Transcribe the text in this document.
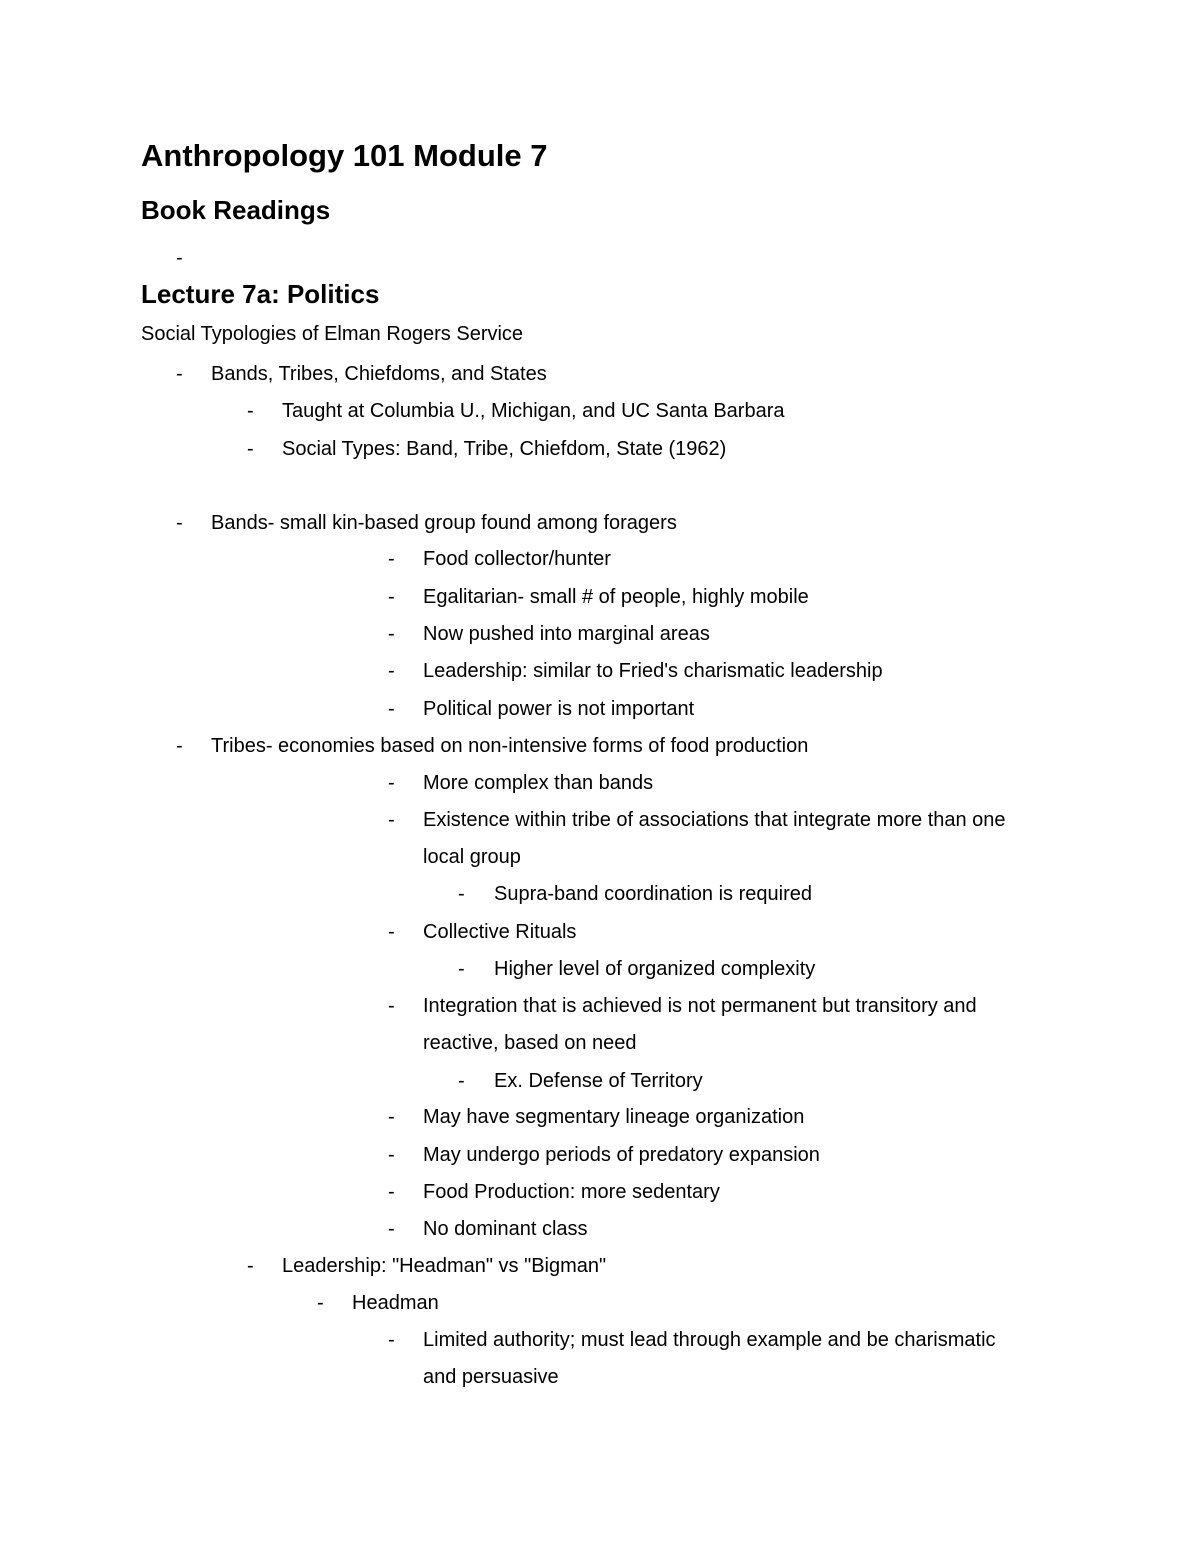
Anthropology 101 Module 7
Book Readings
-
Lecture 7a: Politics
Social Typologies of Elman Rogers Service
- Bands, Tribes, Chiefdoms, and States
- Taught at Columbia U., Michigan, and UC Santa Barbara
- Social Types: Band, Tribe, Chiefdom, State (1962)
- Bands- small kin-based group found among foragers
- Food collector/hunter
- Egalitarian- small # of people, highly mobile
- Now pushed into marginal areas
- Leadership: similar to Fried's charismatic leadership
- Political power is not important
- Tribes- economies based on non-intensive forms of food production
- More complex than bands
- Existence within tribe of associations that integrate more than one
local group
- Supra-band coordination is required
- Collective Rituals
- Higher level of organized complexity
- Integration that is achieved is not permanent but transitory and
reactive, based on need
- Ex. Defense of Territory
- May have segmentary lineage organization
- May undergo periods of predatory expansion
- Food Production: more sedentary
- No dominant class
- Leadership: "Headman" vs "Bigman"
- Headman
- Limited authority; must lead through example and be charismatic
and persuasive
